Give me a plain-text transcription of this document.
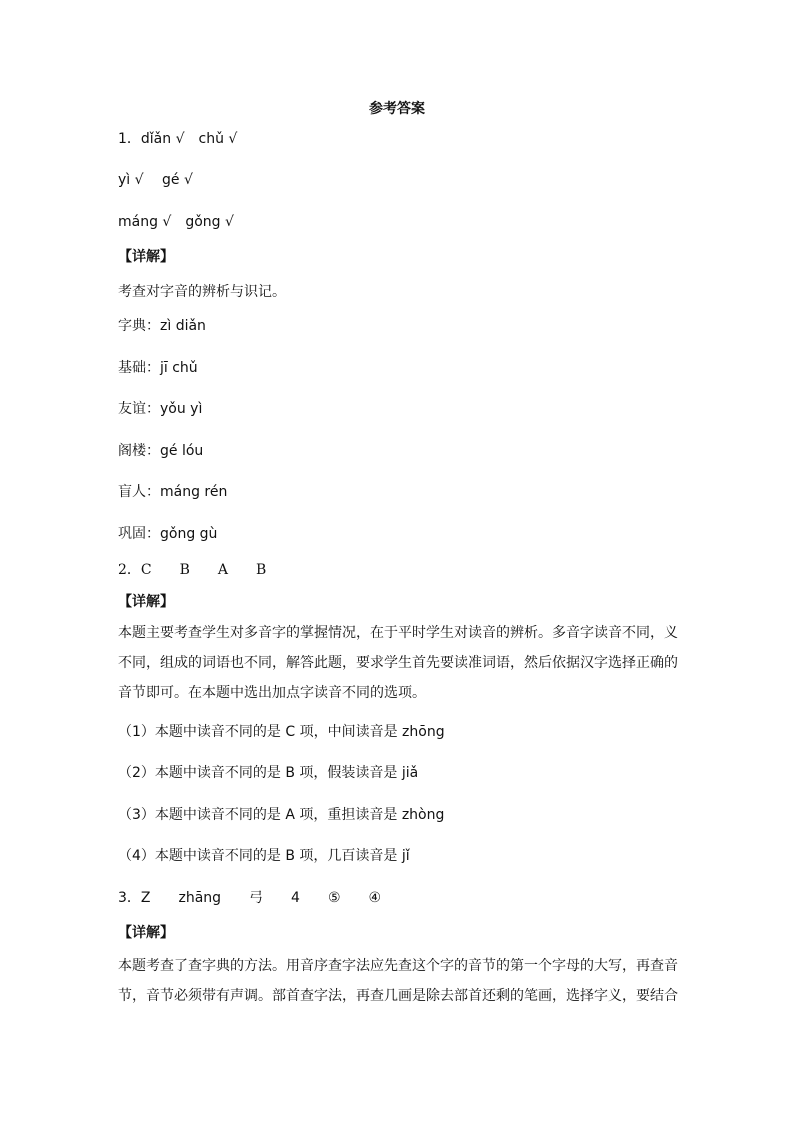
参考答案
1．dǐǎn √　chǔ √
yì √　 gé √
máng √　gǒng √
【详解】
考查对字音的辨析与识记。
字典：zì diǎn
基础：jī chǔ
友谊：yǒu yì
阁楼：gé lóu
盲人：máng rén
巩固：gǒng gù
2．C　　B　　A　　B
【详解】
本题主要考查学生对多音字的掌握情况，在于平时学生对读音的辨析。多音字读音不同，义不同，组成的词语也不同，解答此题，要求学生首先要读准词语，然后依据汉字选择正确的音节即可。在本题中选出加点字读音不同的选项。
（1）本题中读音不同的是 C 项，中间读音是 zhōng
（2）本题中读音不同的是 B 项，假装读音是 jiǎ
（3）本题中读音不同的是 A 项，重担读音是 zhòng
（4）本题中读音不同的是 B 项，几百读音是 jǐ
3．Z　　zhāng　　弓　　4　　⑤　　④
【详解】
本题考查了查字典的方法。用音序查字法应先查这个字的音节的第一个字母的大写，再查音节，音节必须带有声调。部首查字法，再查几画是除去部首还剩的笔画，选择字义，要结合
